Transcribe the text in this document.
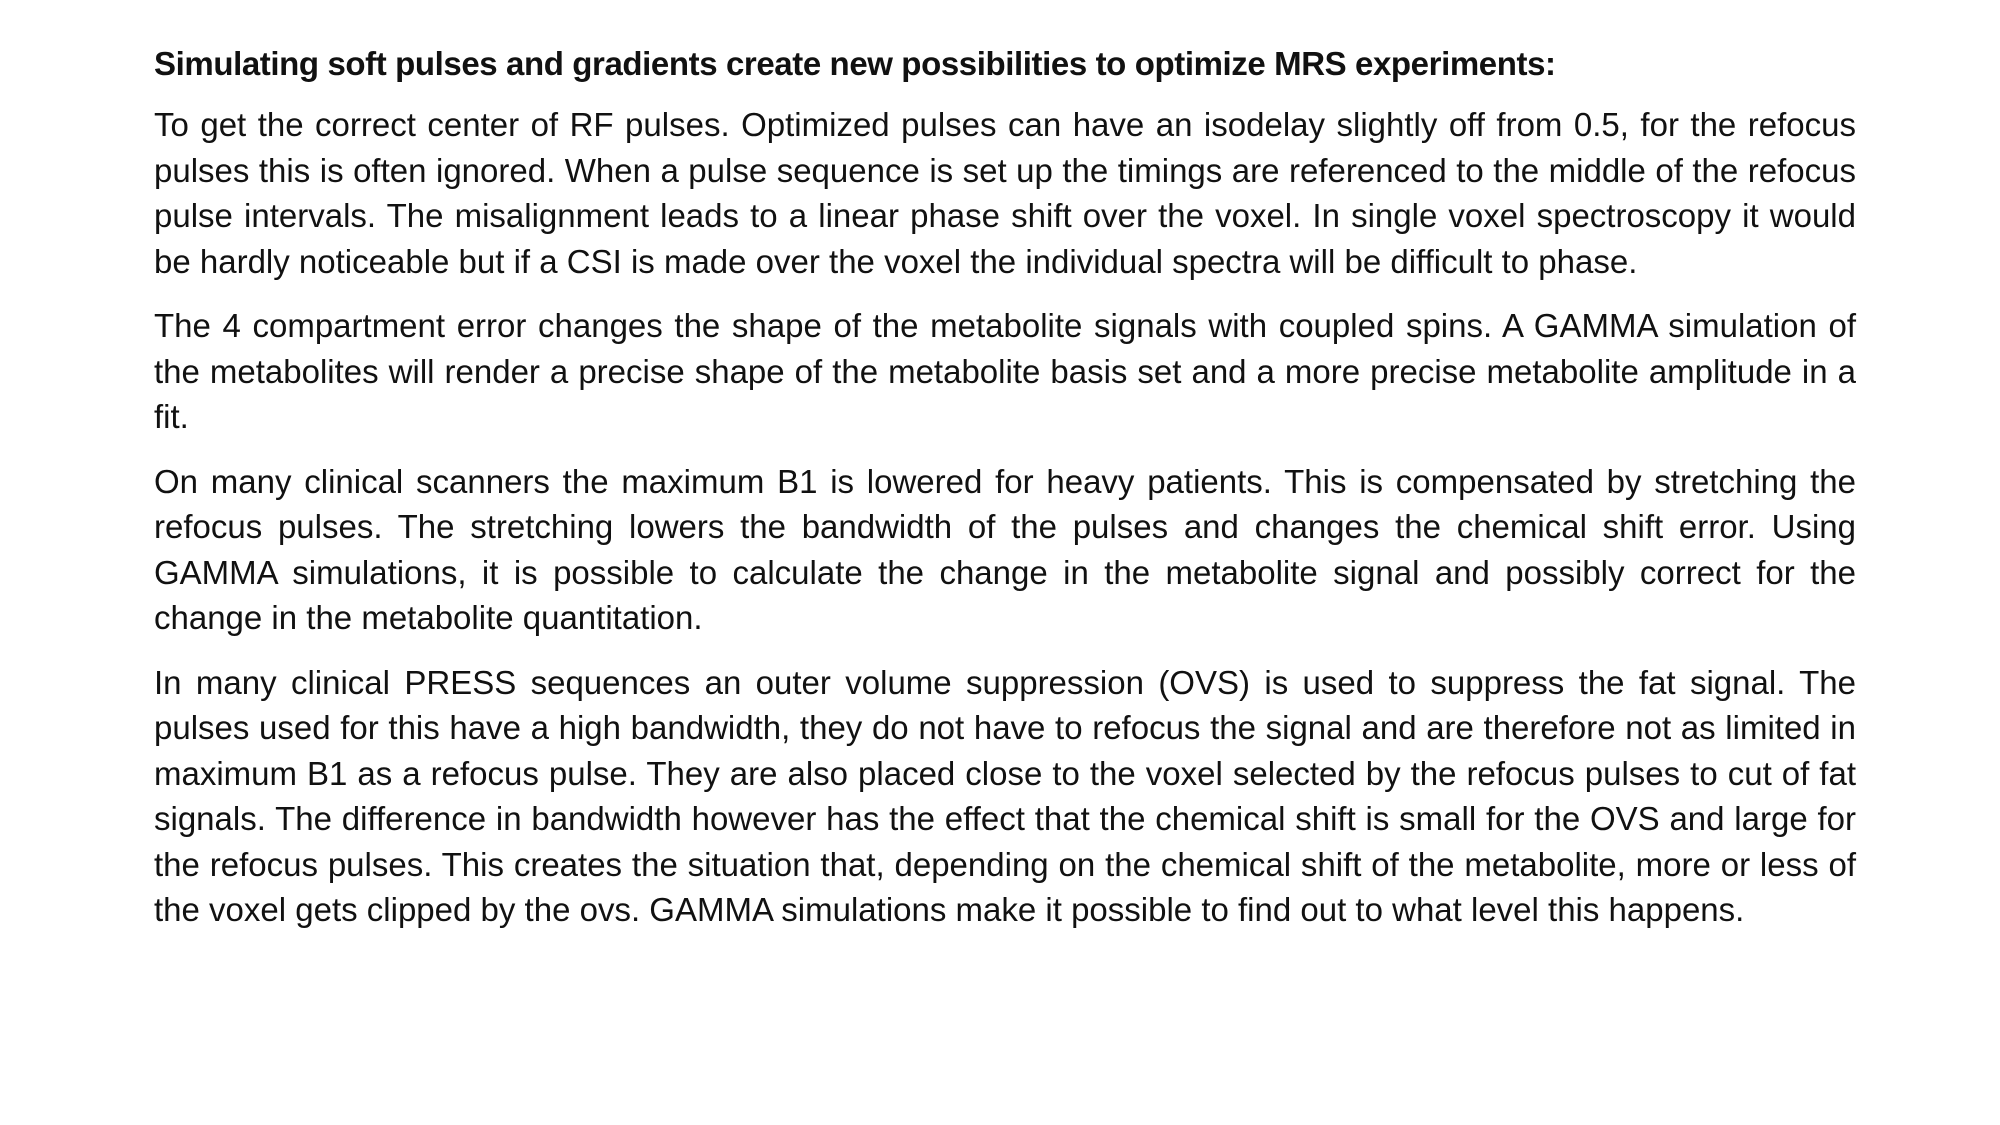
Simulating soft pulses and gradients create new possibilities to optimize MRS experiments:

To get the correct center of RF pulses. Optimized pulses can have an isodelay slightly off from 0.5, for the refocus pulses this is often ignored. When a pulse sequence is set up the timings are referenced to the middle of the refocus pulse intervals. The misalignment leads to a linear phase shift over the voxel. In single voxel spectroscopy it would be hardly noticeable but if a CSI is made over the voxel the individual spectra will be difficult to phase.

The 4 compartment error changes the shape of the metabolite signals with coupled spins. A GAMMA simulation of the metabolites will render a precise shape of the metabolite basis set and a more precise metabolite amplitude in a fit.

On many clinical scanners the maximum B1 is lowered for heavy patients. This is compensated by stretching the refocus pulses. The stretching lowers the bandwidth of the pulses and changes the chemical shift error. Using GAMMA simulations, it is possible to calculate the change in the metabolite signal and possibly correct for the change in the metabolite quantitation.

In many clinical PRESS sequences an outer volume suppression (OVS) is used to suppress the fat signal. The pulses used for this have a high bandwidth, they do not have to refocus the signal and are therefore not as limited in maximum B1 as a refocus pulse. They are also placed close to the voxel selected by the refocus pulses to cut of fat signals. The difference in bandwidth however has the effect that the chemical shift is small for the OVS and large for the refocus pulses. This creates the situation that, depending on the chemical shift of the metabolite, more or less of the voxel gets clipped by the ovs. GAMMA simulations make it possible to find out to what level this happens.
